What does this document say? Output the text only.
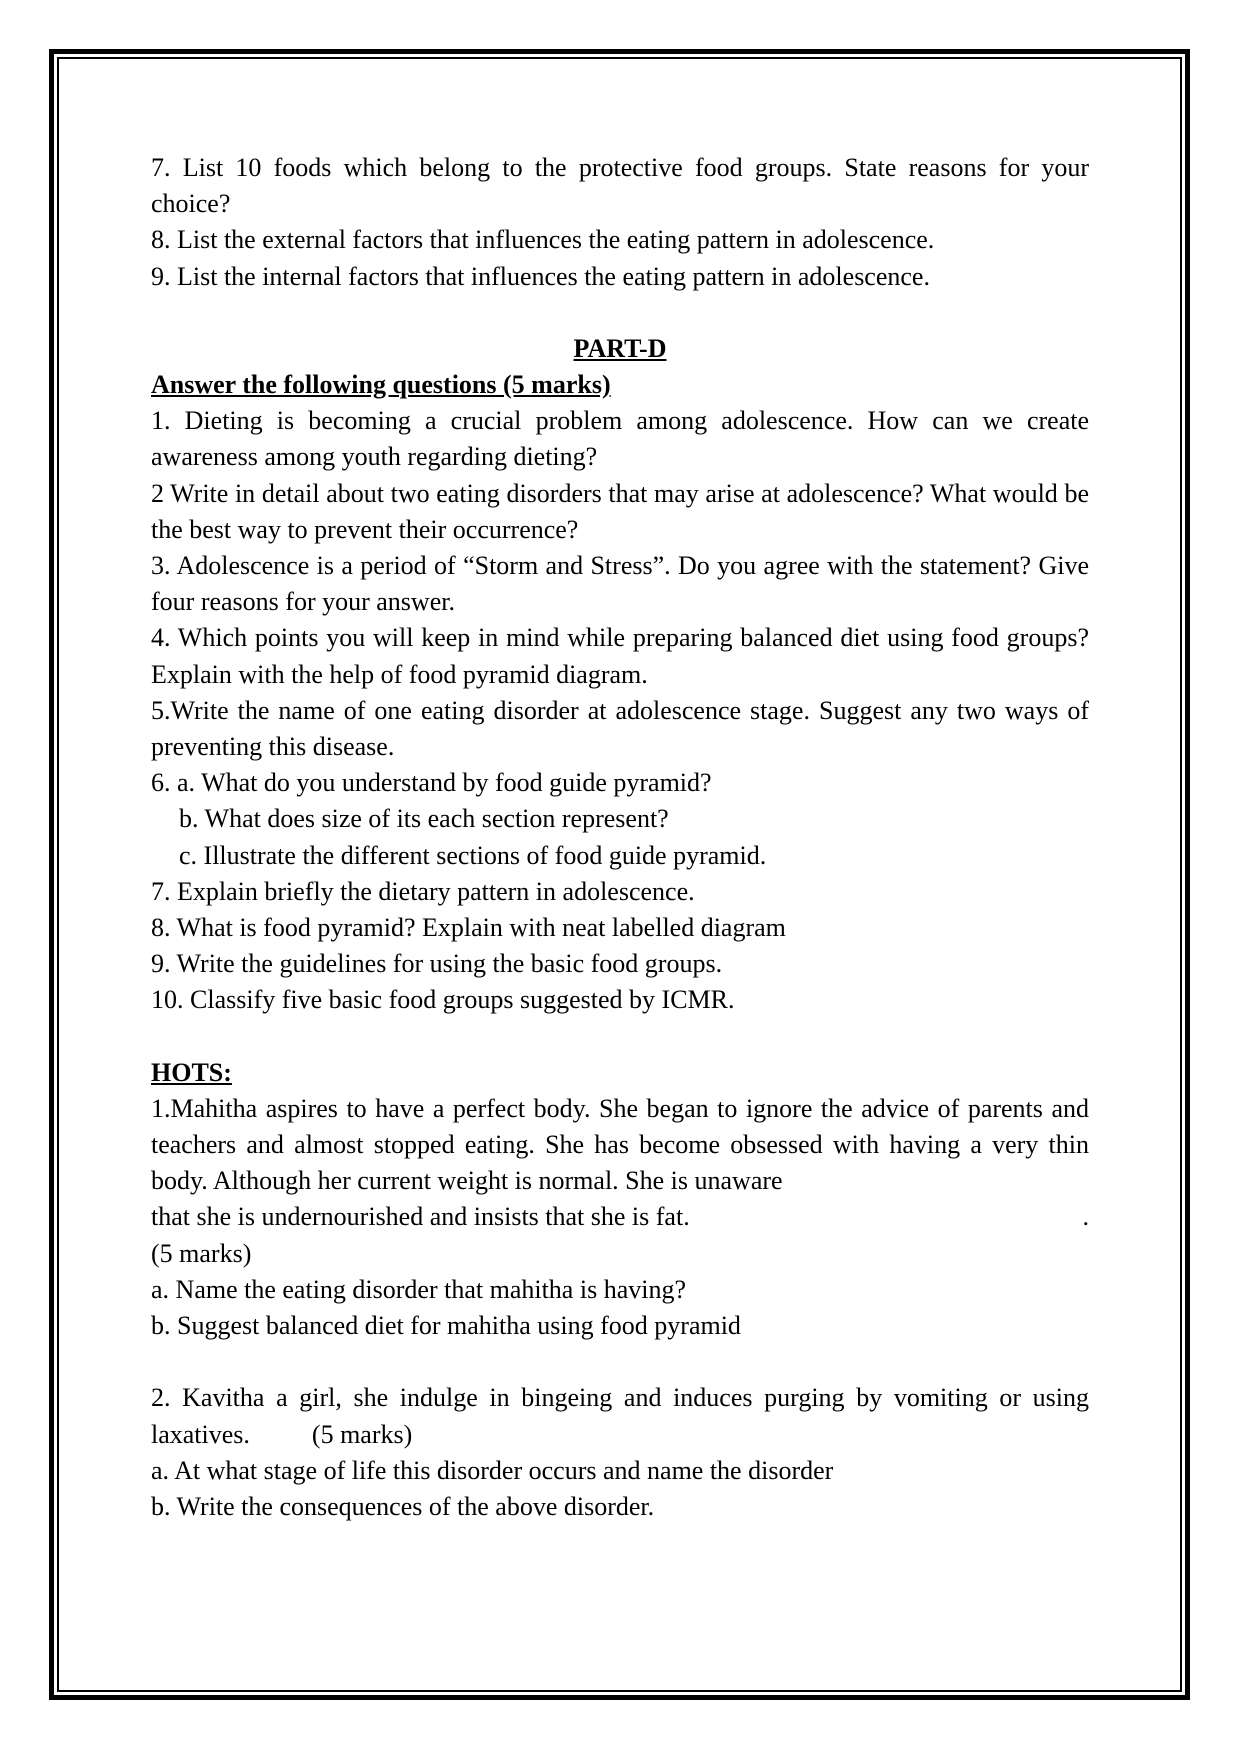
7. List 10 foods which belong to the protective food groups. State reasons for your choice?

8. List the external factors that influences the eating pattern in adolescence.

9. List the internal factors that influences the eating pattern in adolescence.

PART-D

Answer the following questions (5 marks)

1. Dieting is becoming a crucial problem among adolescence. How can we create awareness among youth regarding dieting?

2 Write in detail about two eating disorders that may arise at adolescence? What would be the best way to prevent their occurrence?

3. Adolescence is a period of “Storm and Stress”. Do you agree with the statement? Give four reasons for your answer.

4. Which points you will keep in mind while preparing balanced diet using food groups? Explain with the help of food pyramid diagram.

5.Write the name of one eating disorder at adolescence stage. Suggest any two ways of preventing this disease.

6. a. What do you understand by food guide pyramid?

b. What does size of its each section represent?

c. Illustrate the different sections of food guide pyramid.

7. Explain briefly the dietary pattern in adolescence.

8. What is food pyramid? Explain with neat labelled diagram

9. Write the guidelines for using the basic food groups.

10. Classify five basic food groups suggested by ICMR.

HOTS:

1.Mahitha aspires to have a perfect body. She began to ignore the advice of parents and teachers and almost stopped eating. She has become obsessed with having a very thin body. Although her current weight is normal. She is unaware

that she is undernourished and insists that she is fat.	.

(5 marks)

a. Name the eating disorder that mahitha is having?

b. Suggest balanced diet for mahitha using food pyramid

2. Kavitha a girl, she indulge in bingeing and induces purging by vomiting or using laxatives. (5 marks)

a. At what stage of life this disorder occurs and name the disorder

b. Write the consequences of the above disorder.
